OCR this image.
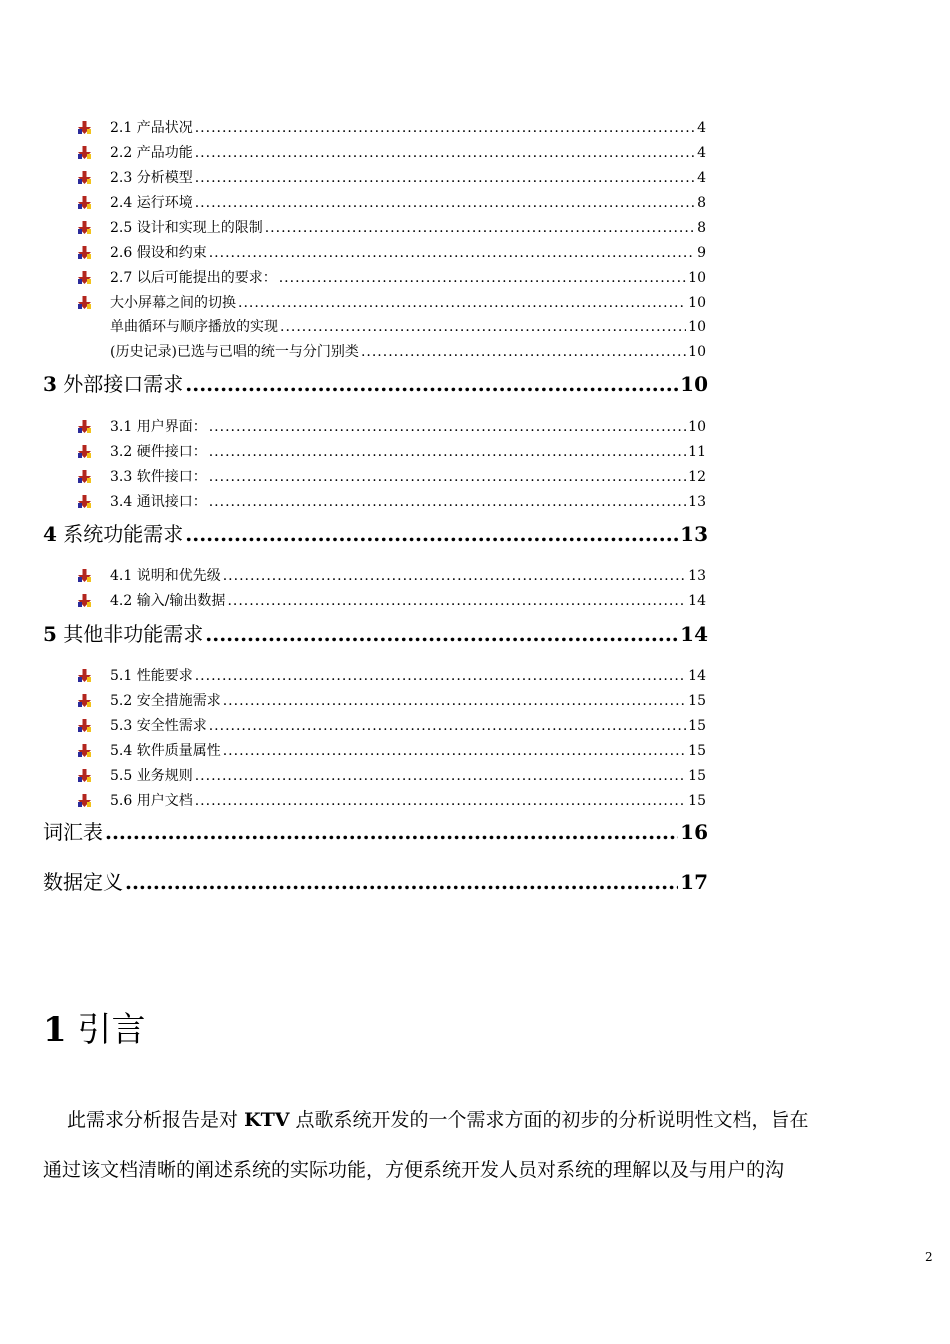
2.1 产品状况 .....	4
2.2 产品功能 .....	4
2.3 分析模型 .....	4
2.4 运行环境 .....	8
2.5 设计和实现上的限制 .....	8
2.6 假设和约束 .....	9
2.7 以后可能提出的要求： .....	10
大小屏幕之间的切换 .....	10
单曲循环与顺序播放的实现 .....	10
(历史记录)已选与已唱的统一与分门别类 .....	10
3 外部接口需求 .....	10
3.1 用户界面： .....	10
3.2 硬件接口： .....	11
3.3 软件接口： .....	12
3.4 通讯接口： .....	13
4 系统功能需求 .....	13
4.1 说明和优先级 .....	13
4.2 输入/输出数据 .....	14
5 其他非功能需求 .....	14
5.1 性能要求 .....	14
5.2 安全措施需求 .....	15
5.3 安全性需求 .....	15
5.4 软件质量属性 .....	15
5.5 业务规则 .....	15
5.6 用户文档 .....	15
词汇表 .....	16
数据定义 .....	17
1 引言
此需求分析报告是对 KTV 点歌系统开发的一个需求方面的初步的分析说明性文档，旨在
通过该文档清晰的阐述系统的实际功能，方便系统开发人员对系统的理解以及与用户的沟
2
